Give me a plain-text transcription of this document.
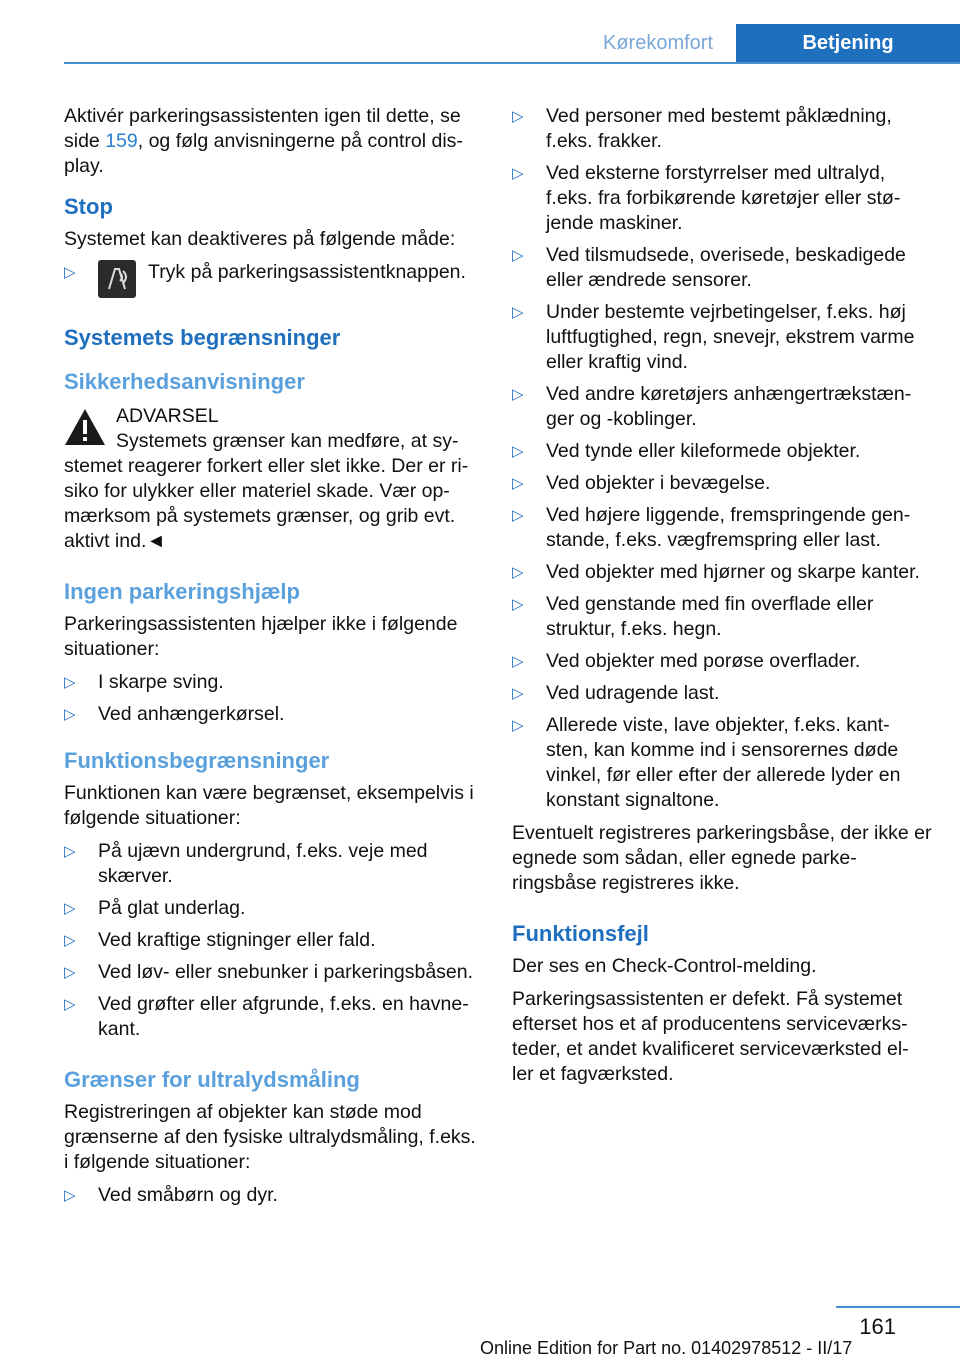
Kørekomfort	Betjening

Aktivér parkeringsassistenten igen til dette, se side 159, og følg anvisningerne på control dis- play.

Stop

Systemet kan deaktiveres på følgende måde:

▷	Tryk på parkeringsassistentknappen.
Systemets begrænsninger
Sikkerhedsanvisninger
ADVARSEL
Systemets grænser kan medføre, at sy-
stemet reagerer forkert eller slet ikke. Der er ri- siko for ulykker eller materiel skade. Vær op- mærksom på systemets grænser, og grib evt. aktivt ind.◄
Ingen parkeringshjælp

Parkeringsassistenten hjælper ikke i følgende situationer:

▷ I skarpe sving.
▷ Ved anhængerkørsel.
Funktionsbegrænsninger

Funktionen kan være begrænset, eksempelvis i følgende situationer:

▷ På ujævn undergrund, f.eks. veje med skærver.
▷ På glat underlag.
▷ Ved kraftige stigninger eller fald.
▷ Ved løv- eller snebunker i parkeringsbåsen.
▷ Ved grøfter eller afgrunde, f.eks. en havne- kant.
Grænser for ultralydsmåling

Registreringen af objekter kan støde mod grænserne af den fysiske ultralydsmåling, f.eks. i følgende situationer:

▷ Ved småbørn og dyr.
▷ Ved personer med bestemt påklædning, f.eks. frakker.
▷ Ved eksterne forstyrrelser med ultralyd, f.eks. fra forbikørende køretøjer eller stø- jende maskiner.
▷ Ved tilsmudsede, overisede, beskadigede eller ændrede sensorer.
▷ Under bestemte vejrbetingelser, f.eks. høj luftfugtighed, regn, snevejr, ekstrem varme eller kraftig vind.
▷ Ved andre køretøjers anhængertrækstæn- ger og -koblinger.
▷ Ved tynde eller kileformede objekter.
▷ Ved objekter i bevægelse.
▷ Ved højere liggende, fremspringende gen- stande, f.eks. vægfremspring eller last.
▷ Ved objekter med hjørner og skarpe kanter.
▷ Ved genstande med fin overflade eller struktur, f.eks. hegn.
▷ Ved objekter med porøse overflader.
▷ Ved udragende last.
▷ Allerede viste, lave objekter, f.eks. kant- sten, kan komme ind i sensorernes døde vinkel, før eller efter der allerede lyder en konstant signaltone.

Eventuelt registreres parkeringsbåse, der ikke er egnede som sådan, eller egnede parke- ringsbåse registreres ikke.

Funktionsfejl

Der ses en Check-Control-melding.

Parkeringsassistenten er defekt. Få systemet efterset hos et af producentens serviceværks- teder, et andet kvalificeret serviceværksted el- ler et fagværksted.

161
Online Edition for Part no. 01402978512 - II/17
